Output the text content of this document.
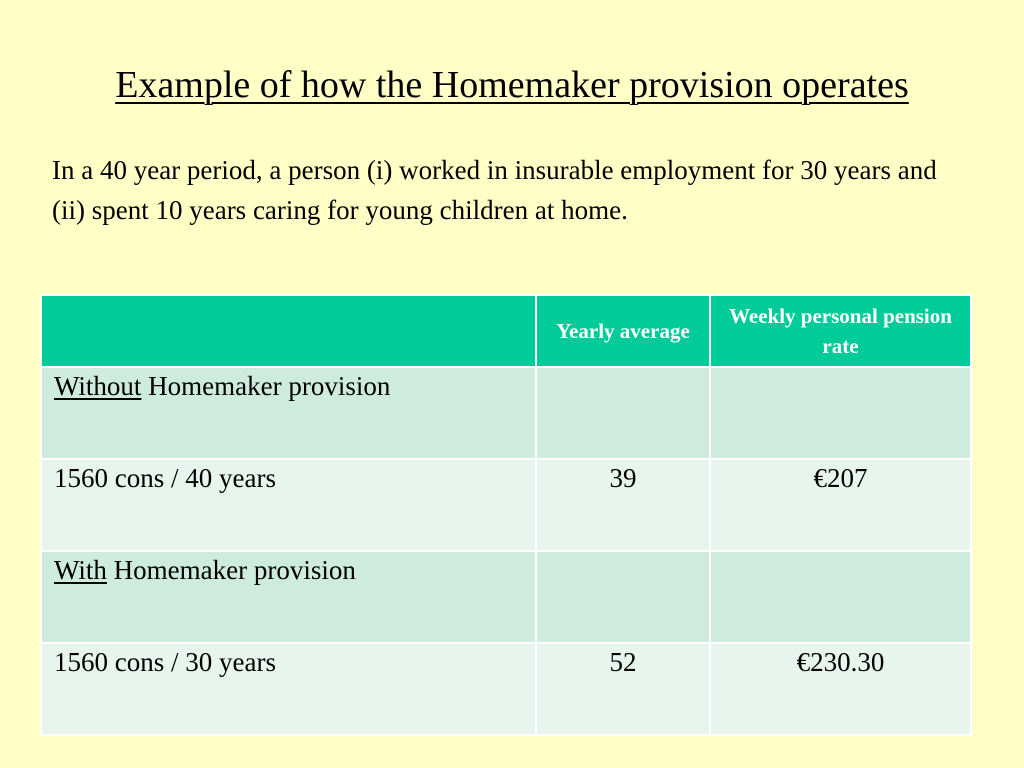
Example of how the Homemaker provision operates

In a 40 year period, a person (i) worked in insurable employment for 30 years and (ii) spent 10 years caring for young children at home.

	Yearly average	Weekly personal pension rate
Without Homemaker provision		
1560 cons / 40 years	39	€207
With Homemaker provision		
1560 cons / 30 years	52	€230.30
